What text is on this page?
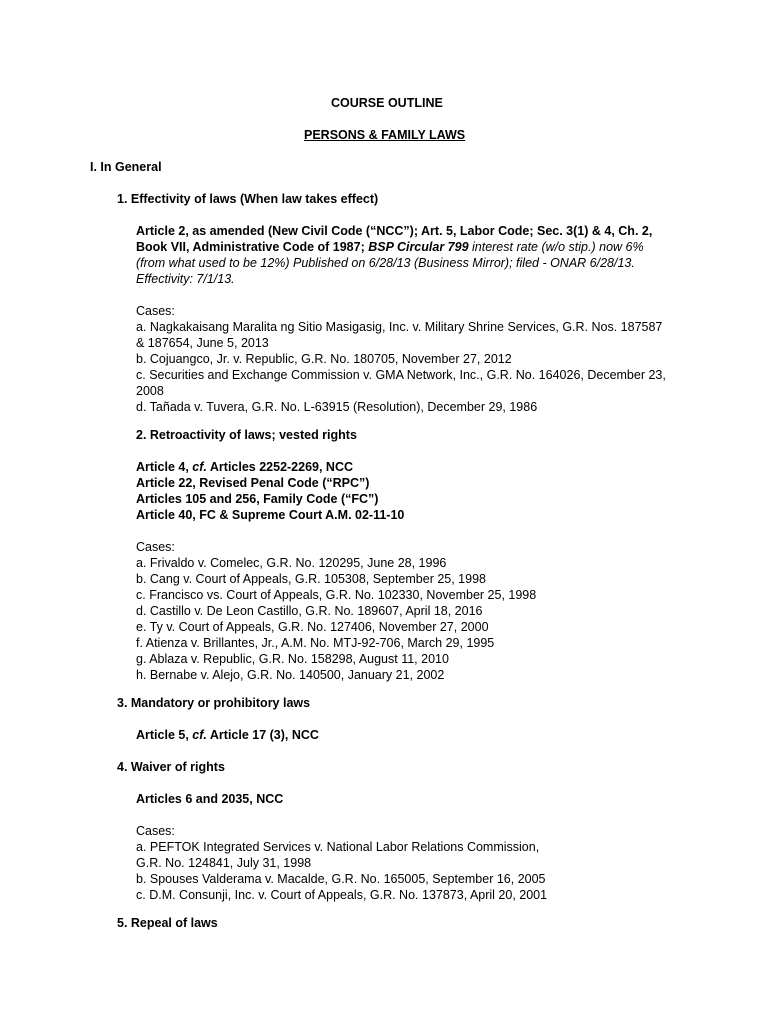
COURSE OUTLINE
PERSONS & FAMILY LAWS
I. In General
1. Effectivity of laws (When law takes effect)
Article 2, as amended (New Civil Code (“NCC”); Art. 5, Labor Code; Sec. 3(1) & 4, Ch. 2,
Book VII, Administrative Code of 1987; BSP Circular 799 interest rate (w/o stip.) now 6%
(from what used to be 12%) Published on 6/28/13 (Business Mirror); filed - ONAR 6/28/13.
Effectivity: 7/1/13.
Cases:
a. Nagkakaisang Maralita ng Sitio Masigasig, Inc. v. Military Shrine Services, G.R. Nos. 187587
& 187654, June 5, 2013
b. Cojuangco, Jr. v. Republic, G.R. No. 180705, November 27, 2012
c. Securities and Exchange Commission v. GMA Network, Inc., G.R. No. 164026, December 23,
2008
d. Tañada v. Tuvera, G.R. No. L-63915 (Resolution), December 29, 1986
2. Retroactivity of laws; vested rights
Article 4, cf. Articles 2252-2269, NCC
Article 22, Revised Penal Code (“RPC”)
Articles 105 and 256, Family Code (“FC”)
Article 40, FC & Supreme Court A.M. 02-11-10
Cases:
a. Frivaldo v. Comelec, G.R. No. 120295, June 28, 1996
b. Cang v. Court of Appeals, G.R. 105308, September 25, 1998
c. Francisco vs. Court of Appeals, G.R. No. 102330, November 25, 1998
d. Castillo v. De Leon Castillo, G.R. No. 189607, April 18, 2016
e. Ty v. Court of Appeals, G.R. No. 127406, November 27, 2000
f. Atienza v. Brillantes, Jr., A.M. No. MTJ-92-706, March 29, 1995
g. Ablaza v. Republic, G.R. No. 158298, August 11, 2010
h. Bernabe v. Alejo, G.R. No. 140500, January 21, 2002
3. Mandatory or prohibitory laws
Article 5, cf. Article 17 (3), NCC
4. Waiver of rights
Articles 6 and 2035, NCC
Cases:
a. PEFTOK Integrated Services v. National Labor Relations Commission,
G.R. No. 124841, July 31, 1998
b. Spouses Valderama v. Macalde, G.R. No. 165005, September 16, 2005
c. D.M. Consunji, Inc. v. Court of Appeals, G.R. No. 137873, April 20, 2001
5. Repeal of laws
